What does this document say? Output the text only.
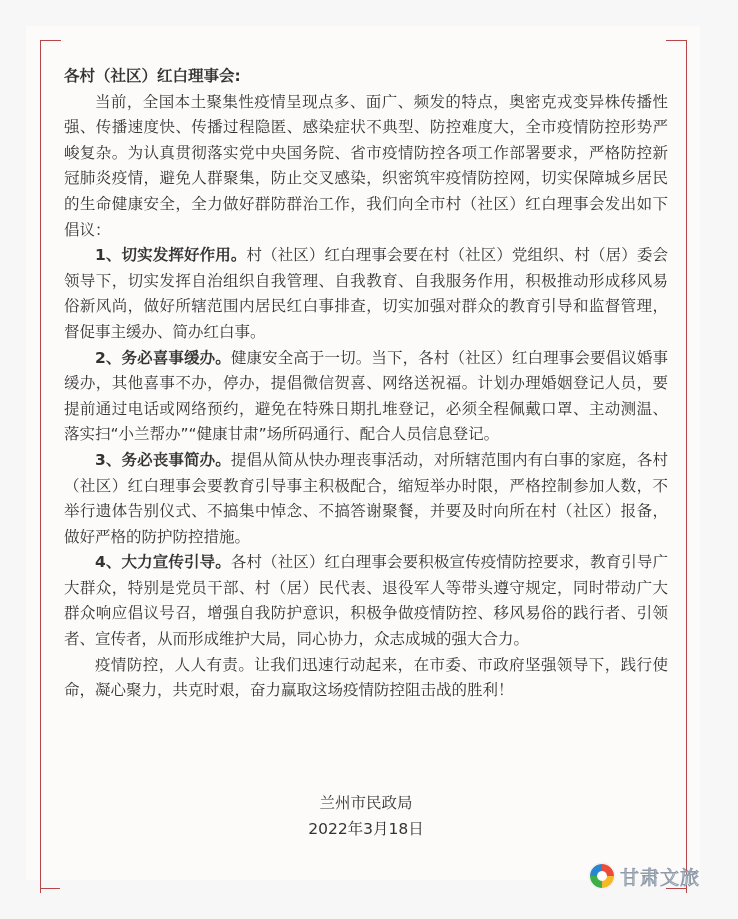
各村（社区）红白理事会:

当前，全国本土聚集性疫情呈现点多、面广、频发的特点，奥密克戎变异株传播性强、传播速度快、传播过程隐匿、感染症状不典型、防控难度大，全市疫情防控形势严峻复杂。为认真贯彻落实党中央国务院、省市疫情防控各项工作部署要求，严格防控新冠肺炎疫情，避免人群聚集，防止交叉感染，织密筑牢疫情防控网，切实保障城乡居民的生命健康安全，全力做好群防群治工作，我们向全市村（社区）红白理事会发出如下倡议：

1、切实发挥好作用。村（社区）红白理事会要在村（社区）党组织、村（居）委会领导下，切实发挥自治组织自我管理、自我教育、自我服务作用，积极推动形成移风易俗新风尚，做好所辖范围内居民红白事排查，切实加强对群众的教育引导和监督管理，督促事主缓办、简办红白事。

2、务必喜事缓办。健康安全高于一切。当下，各村（社区）红白理事会要倡议婚事缓办，其他喜事不办，停办，提倡微信贺喜、网络送祝福。计划办理婚姻登记人员，要提前通过电话或网络预约，避免在特殊日期扎堆登记，必须全程佩戴口罩、主动测温、落实扫“小兰帮办”“健康甘肃”场所码通行、配合人员信息登记。

3、务必丧事简办。提倡从简从快办理丧事活动，对所辖范围内有白事的家庭，各村（社区）红白理事会要教育引导事主积极配合，缩短举办时限，严格控制参加人数，不举行遗体告别仪式、不搞集中悼念、不搞答谢聚餐，并要及时向所在村（社区）报备，做好严格的防护防控措施。

4、大力宣传引导。各村（社区）红白理事会要积极宣传疫情防控要求，教育引导广大群众，特别是党员干部、村（居）民代表、退役军人等带头遵守规定，同时带动广大群众响应倡议号召，增强自我防护意识，积极争做疫情防控、移风易俗的践行者、引领者、宣传者，从而形成维护大局，同心协力，众志成城的强大合力。

疫情防控，人人有责。让我们迅速行动起来，在市委、市政府坚强领导下，践行使命，凝心聚力，共克时艰，奋力赢取这场疫情防控阻击战的胜利！

兰州市民政局
2022年3月18日
甘肃文旅
